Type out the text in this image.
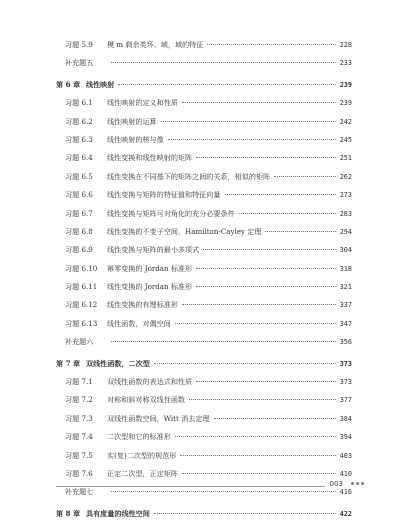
习题 5.9	模 m 剩余类环，域，域的特征	228
补充题五	233
第 6 章 线性映射	239
习题 6.1	线性映射的定义和性质	239
习题 6.2	线性映射的运算	242
习题 6.3	线性映射的核与像	245
习题 6.4	线性变换和线性映射的矩阵	251
习题 6.5	线性变换在不同基下的矩阵之间的关系，相似的矩阵	262
习题 6.6	线性变换与矩阵的特征值和特征向量	273
习题 6.7	线性变换与矩阵可对角化的充分必要条件	283
习题 6.8	线性变换的不变子空间，Hamilton-Cayley 定理	294
习题 6.9	线性变换与矩阵的最小多项式	304
习题 6.10	幂零变换的 Jordan 标准形	318
习题 6.11	线性变换的 Jordan 标准形	321
习题 6.12	线性变换的有理标准形	337
习题 6.13	线性函数，对偶空间	347
补充题六	356
第 7 章 双线性函数，二次型	373
习题 7.1	双线性函数的表达式和性质	373
习题 7.2	对称和斜对称双线性函数	377
习题 7.3	双线性函数空间，Witt 消去定理	384
习题 7.4	二次型和它的标准形	394
习题 7.5	实(复)二次型的规范形	403
习题 7.6	正定二次型，正定矩阵	410
补充题七	416
第 8 章 具有度量的线性空间	422
003
